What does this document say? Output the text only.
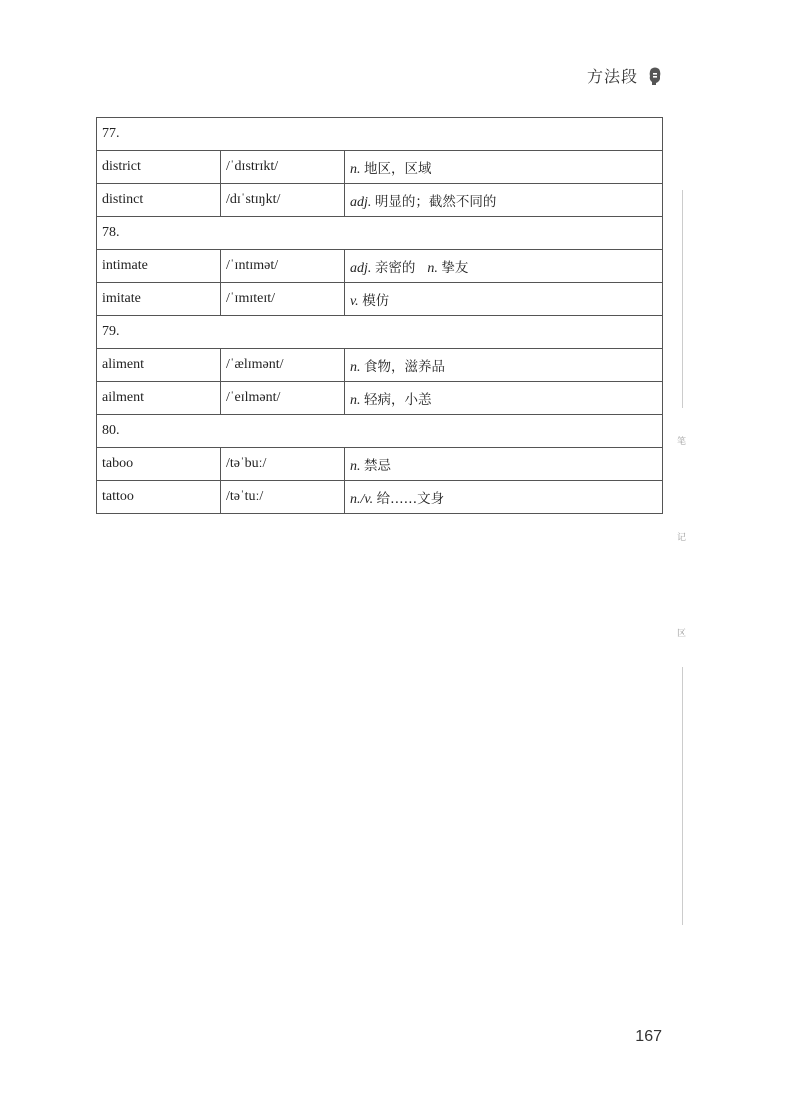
方法段
77.		
district	/ˈdɪstrɪkt/	n. 地区，区域
distinct	/dɪˈstɪŋkt/	adj. 明显的；截然不同的
78.		
intimate	/ˈɪntɪmət/	adj. 亲密的 n. 挚友
imitate	/ˈɪmɪteɪt/	v. 模仿
79.		
aliment	/ˈælɪmənt/	n. 食物，滋养品
ailment	/ˈeɪlmənt/	n. 轻病，小恙
80.		
taboo	/təˈbuː/	n. 禁忌
tattoo	/təˈtuː/	n./v. 给……文身
笔
记
区
167
